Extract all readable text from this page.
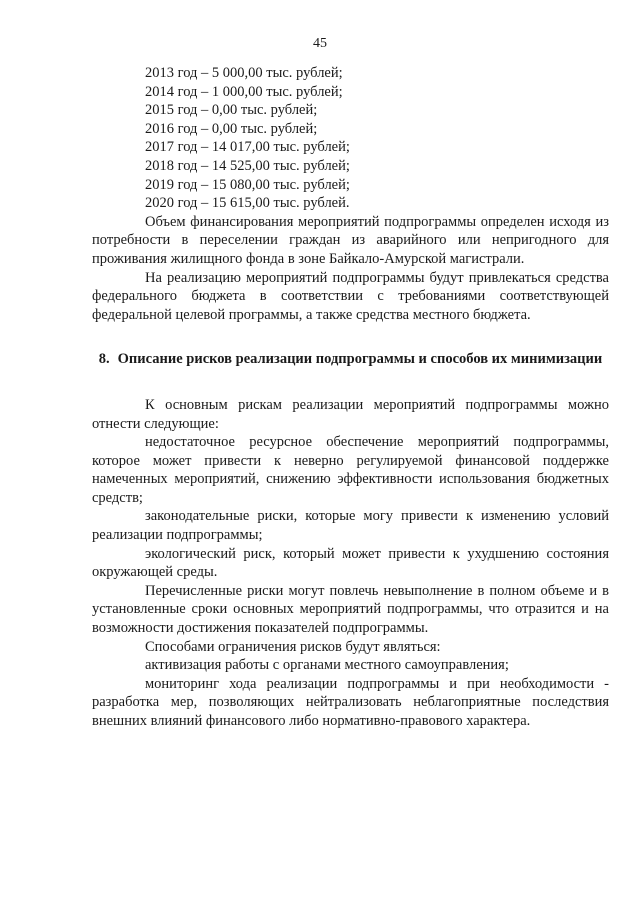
45

2013 год – 5 000,00 тыс. рублей;

2014 год – 1 000,00 тыс. рублей;

2015 год – 0,00 тыс. рублей;

2016 год – 0,00 тыс. рублей;

2017 год – 14 017,00 тыс. рублей;

2018 год – 14 525,00 тыс. рублей;

2019 год – 15 080,00 тыс. рублей;

2020 год – 15 615,00 тыс. рублей.

Объем финансирования мероприятий подпрограммы определен исходя из потребности в переселении граждан из аварийного или непригодного для проживания жилищного фонда в зоне Байкало-Амурской магистрали.

На реализацию мероприятий подпрограммы будут привлекаться средства федерального бюджета в соответствии с требованиями соответствующей федеральной целевой программы, а также средства местного бюджета.

8. Описание рисков реализации подпрограммы и способов их минимизации

К основным рискам реализации мероприятий подпрограммы можно отнести следующие:

недостаточное ресурсное обеспечение мероприятий подпрограммы, которое может привести к неверно регулируемой финансовой поддержке намеченных мероприятий, снижению эффективности использования бюджетных средств;

законодательные риски, которые могу привести к изменению условий реализации подпрограммы;

экологический риск, который может привести к ухудшению состояния окружающей среды.

Перечисленные риски могут повлечь невыполнение в полном объеме и в установленные сроки основных мероприятий подпрограммы, что отразится и на возможности достижения показателей подпрограммы.

Способами ограничения рисков будут являться:

активизация работы с органами местного самоуправления;

мониторинг хода реализации подпрограммы и при необходимости - разработка мер, позволяющих нейтрализовать неблагоприятные последствия внешних влияний финансового либо нормативно-правового характера.
